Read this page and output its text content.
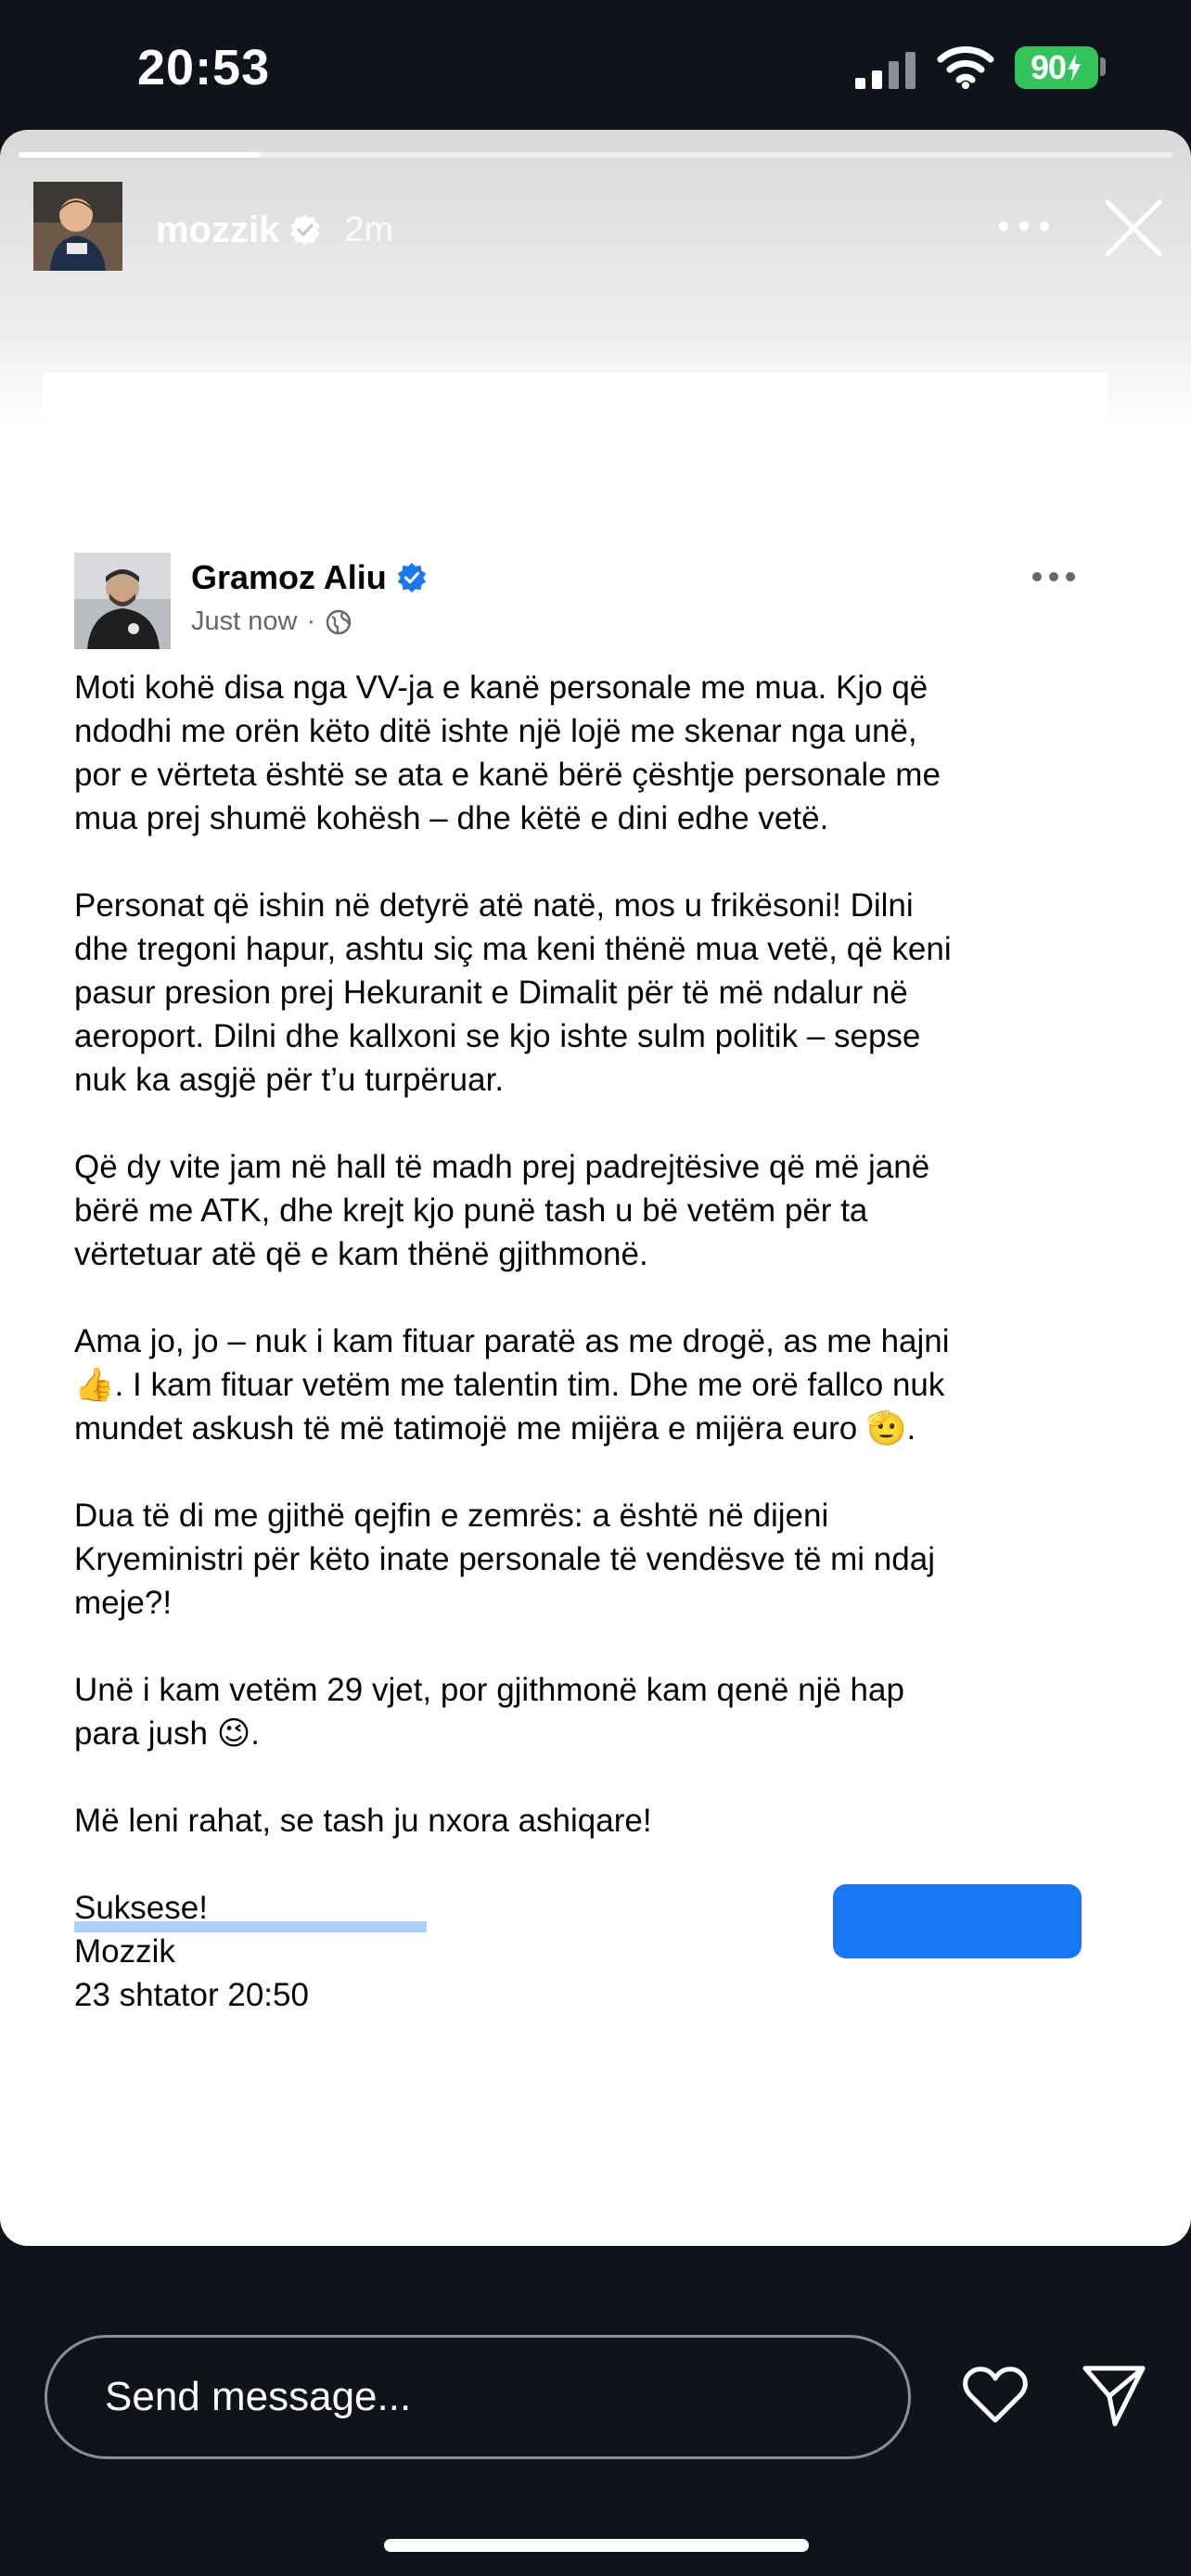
20:53	90
mozzik 2m
Gramoz Aliu
Just now ·

Moti kohë disa nga VV-ja e kanë personale me mua. Kjo që
ndodhi me orën këto ditë ishte një lojë me skenar nga unë,
por e vërteta është se ata e kanë bërë çështje personale me
mua prej shumë kohësh – dhe këtë e dini edhe vetë.

Personat që ishin në detyrë atë natë, mos u frikësoni! Dilni
dhe tregoni hapur, ashtu siç ma keni thënë mua vetë, që keni
pasur presion prej Hekuranit e Dimalit për të më ndalur në
aeroport. Dilni dhe kallxoni se kjo ishte sulm politik – sepse
nuk ka asgjë për t’u turpëruar.

Që dy vite jam në hall të madh prej padrejtësive që më janë
bërë me ATK, dhe krejt kjo punë tash u bë vetëm për ta
vërtetuar atë që e kam thënë gjithmonë.

Ama jo, jo – nuk i kam fituar paratë as me drogë, as me hajni
👍. I kam fituar vetëm me talentin tim. Dhe me orë fallco nuk
mundet askush të më tatimojë me mijëra e mijëra euro 🫡.

Dua të di me gjithë qejfin e zemrës: a është në dijeni
Kryeministri për këto inate personale të vendësve të mi ndaj
meje?!

Unë i kam vetëm 29 vjet, por gjithmonë kam qenë një hap
para jush 😉.

Më leni rahat, se tash ju nxora ashiqare!

Suksese!

Mozzik

23 shtator 20:50

Send message...
